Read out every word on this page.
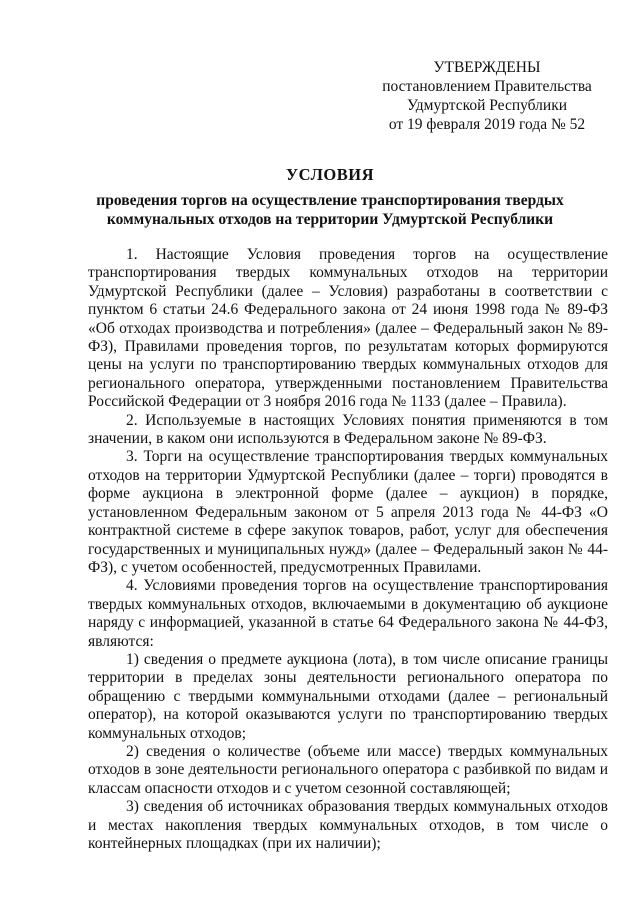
УТВЕРЖДЕНЫ
постановлением Правительства
Удмуртской Республики
от 19 февраля 2019 года № 52
УСЛОВИЯ
проведения торгов на осуществление транспортирования твердых коммунальных отходов на территории Удмуртской Республики

1. Настоящие Условия проведения торгов на осуществление транспортирования твердых коммунальных отходов на территории Удмуртской Республики (далее – Условия) разработаны в соответствии с пунктом 6 статьи 24.6 Федерального закона от 24 июня 1998 года № 89-ФЗ «Об отходах производства и потребления» (далее – Федеральный закон № 89-ФЗ), Правилами проведения торгов, по результатам которых формируются цены на услуги по транспортированию твердых коммунальных отходов для регионального оператора, утвержденными постановлением Правительства Российской Федерации от 3 ноября 2016 года № 1133 (далее – Правила).

2. Используемые в настоящих Условиях понятия применяются в том значении, в каком они используются в Федеральном законе № 89-ФЗ.

3. Торги на осуществление транспортирования твердых коммунальных отходов на территории Удмуртской Республики (далее – торги) проводятся в форме аукциона в электронной форме (далее – аукцион) в порядке, установленном Федеральным законом от 5 апреля 2013 года № 44-ФЗ «О контрактной системе в сфере закупок товаров, работ, услуг для обеспечения государственных и муниципальных нужд» (далее – Федеральный закон № 44-ФЗ), с учетом особенностей, предусмотренных Правилами.

4. Условиями проведения торгов на осуществление транспортирования твердых коммунальных отходов, включаемыми в документацию об аукционе наряду с информацией, указанной в статье 64 Федерального закона № 44-ФЗ, являются:

1) сведения о предмете аукциона (лота), в том числе описание границы территории в пределах зоны деятельности регионального оператора по обращению с твердыми коммунальными отходами (далее – региональный оператор), на которой оказываются услуги по транспортированию твердых коммунальных отходов;

2) сведения о количестве (объеме или массе) твердых коммунальных отходов в зоне деятельности регионального оператора с разбивкой по видам и классам опасности отходов и с учетом сезонной составляющей;

3) сведения об источниках образования твердых коммунальных отходов и местах накопления твердых коммунальных отходов, в том числе о контейнерных площадках (при их наличии);
